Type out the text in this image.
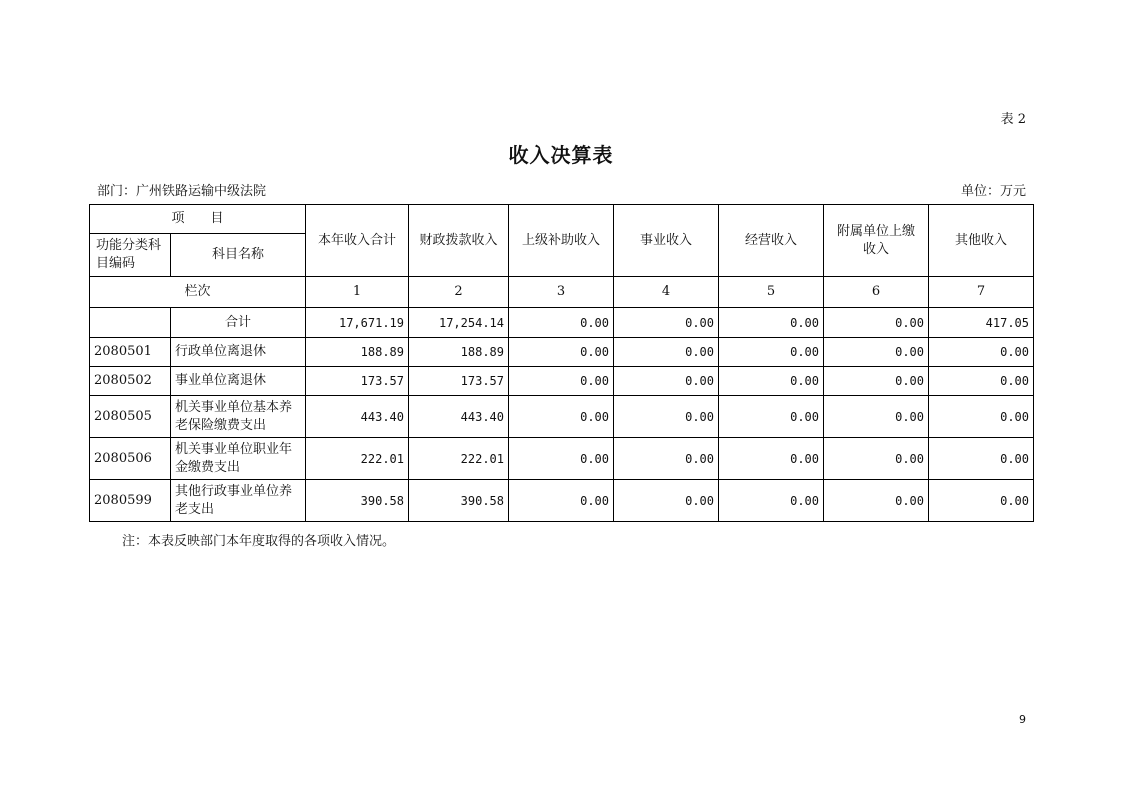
表 2
收入决算表
部门：广州铁路运输中级法院	单位：万元
项　　目		本年收入合计	财政拨款收入	上级补助收入	事业收入	经营收入	附属单位上缴收入	其他收入
功能分类科目编码	科目名称							
栏次		1	2	3	4	5	6	7
	合计	17,671.19	17,254.14	0.00	0.00	0.00	0.00	417.05
2080501	行政单位离退休	188.89	188.89	0.00	0.00	0.00	0.00	0.00
2080502	事业单位离退休	173.57	173.57	0.00	0.00	0.00	0.00	0.00
2080505	机关事业单位基本养老保险缴费支出	443.40	443.40	0.00	0.00	0.00	0.00	0.00
2080506	机关事业单位职业年金缴费支出	222.01	222.01	0.00	0.00	0.00	0.00	0.00
2080599	其他行政事业单位养老支出	390.58	390.58	0.00	0.00	0.00	0.00	0.00
注：本表反映部门本年度取得的各项收入情况。
9
